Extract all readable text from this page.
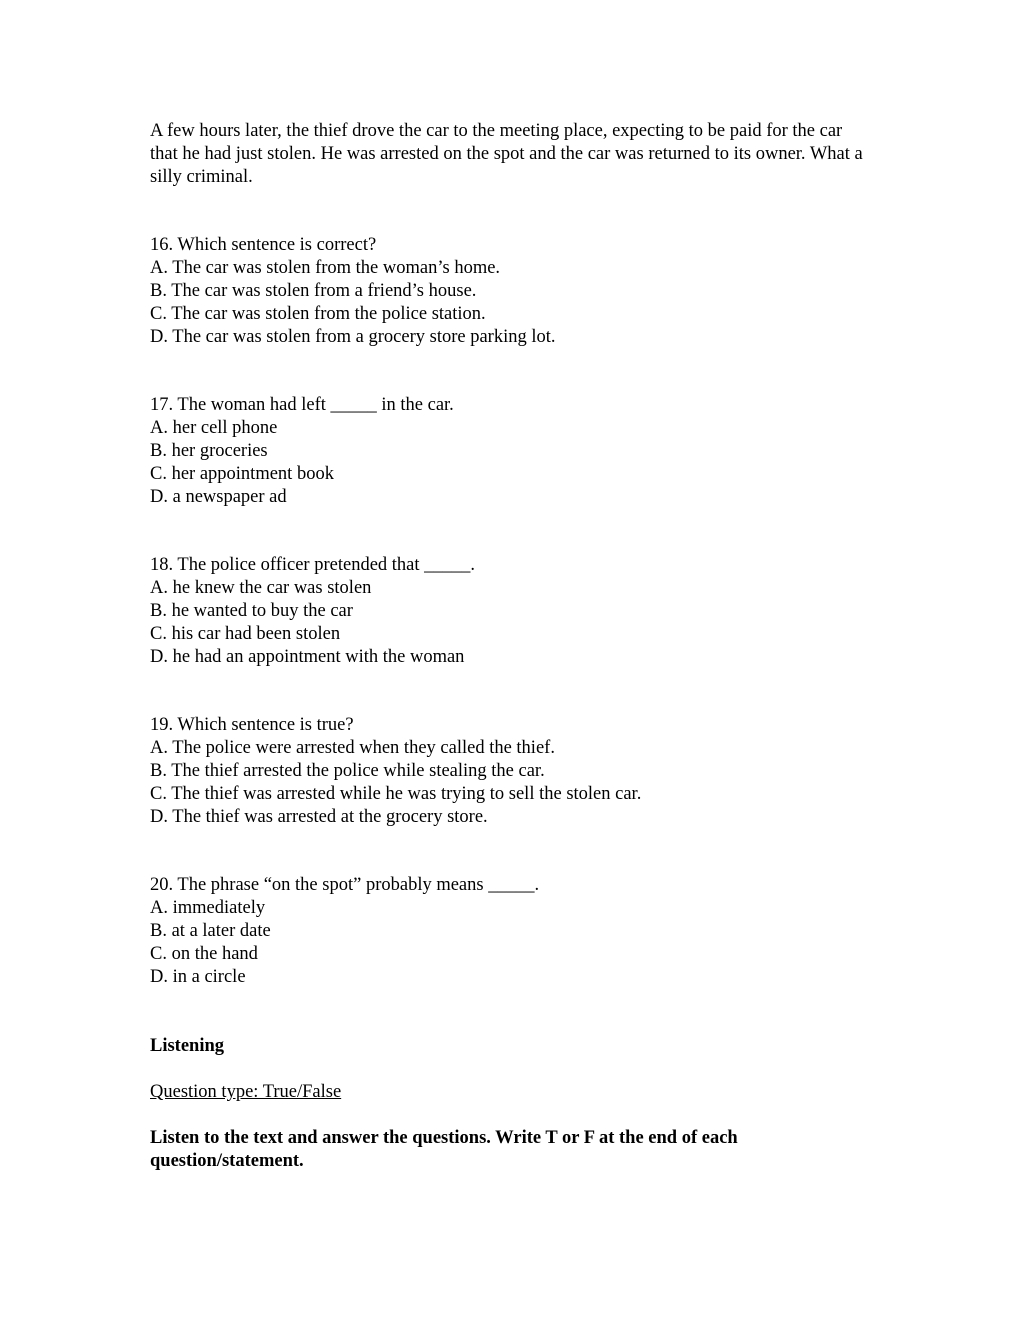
A few hours later, the thief drove the car to the meeting place, expecting to be paid for the car that he had just stolen. He was arrested on the spot and the car was returned to its owner. What a silly criminal.

16. Which sentence is correct?

A. The car was stolen from the woman’s home.

B. The car was stolen from a friend’s house.

C. The car was stolen from the police station.

D. The car was stolen from a grocery store parking lot.

17. The woman had left _____ in the car.

A. her cell phone

B. her groceries

C. her appointment book

D. a newspaper ad

18. The police officer pretended that _____.

A. he knew the car was stolen

B. he wanted to buy the car

C. his car had been stolen

D. he had an appointment with the woman

19. Which sentence is true?

A. The police were arrested when they called the thief.

B. The thief arrested the police while stealing the car.

C. The thief was arrested while he was trying to sell the stolen car.

D. The thief was arrested at the grocery store.

20. The phrase “on the spot” probably means _____.

A. immediately

B. at a later date

C. on the hand

D. in a circle

Listening

Question type: True/False

Listen to the text and answer the questions. Write T or F at the end of each question/statement.
